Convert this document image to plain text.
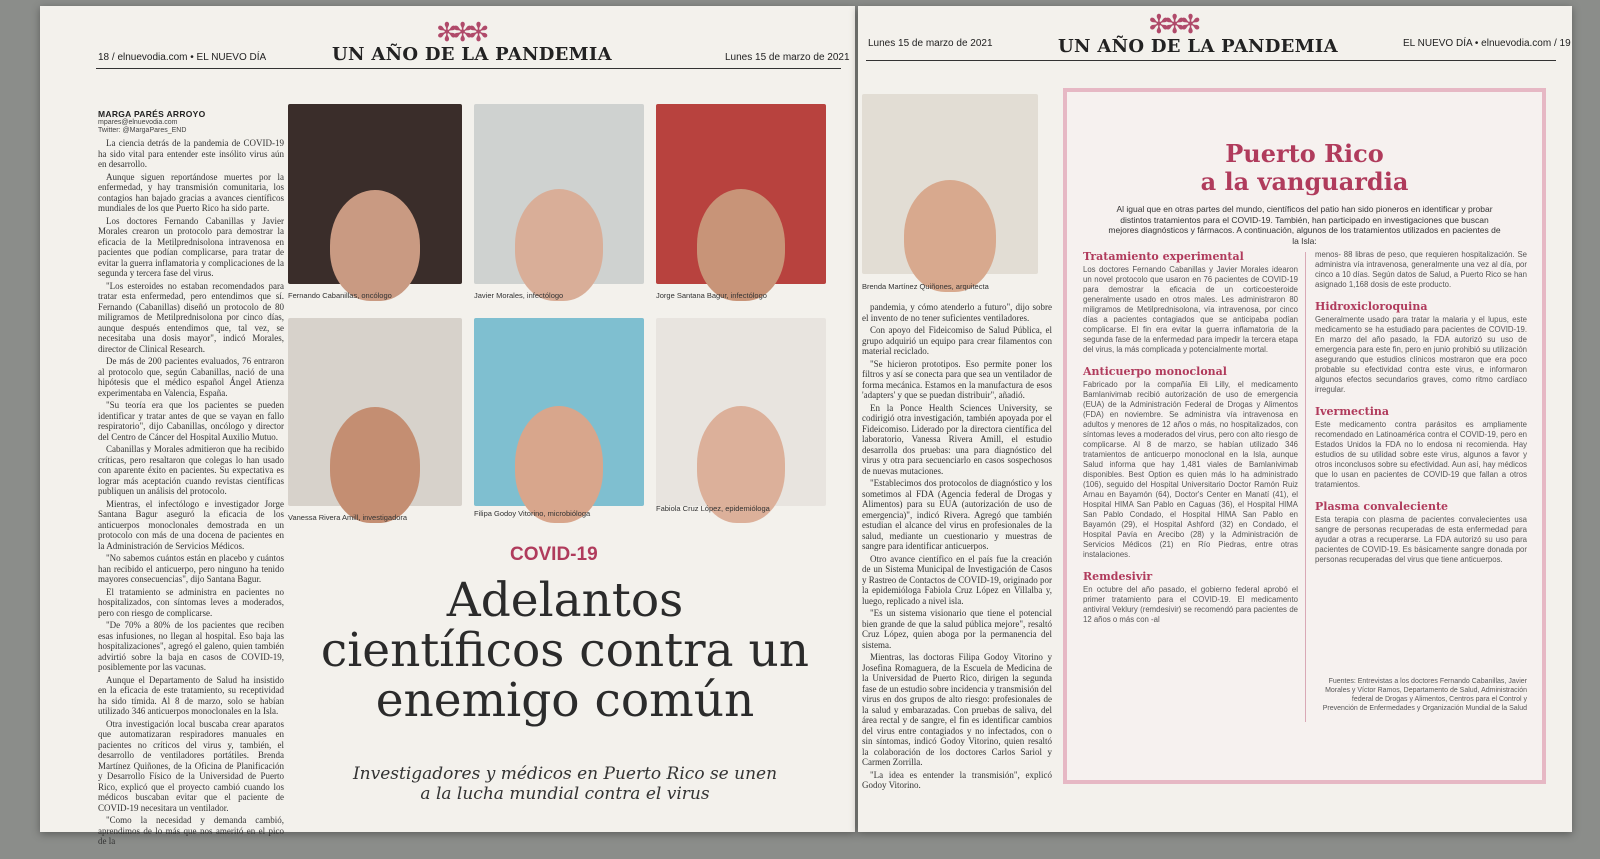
18 / elnuevodia.com • EL NUEVO DÍA
✻✻✻
UN AÑO DE LA PANDEMIA	Lunes 15 de marzo de 2021
MARGA PARÉS ARROYO
mpares@elnuevodia.com
Twitter: @MargaPares_END

La ciencia detrás de la pandemia de COVID-19 ha sido vital para entender este insólito virus aún en desarrollo.

Aunque siguen reportándose muertes por la enfermedad, y hay transmisión comunitaria, los contagios han bajado gracias a avances científicos mundiales de los que Puerto Rico ha sido parte.

Los doctores Fernando Cabanillas y Javier Morales crearon un protocolo para demostrar la eficacia de la Metilprednisolona intravenosa en pacientes que podían complicarse, para tratar de evitar la guerra inflamatoria y complicaciones de la segunda y tercera fase del virus.

"Los esteroides no estaban recomendados para tratar esta enfermedad, pero entendimos que sí. Fernando (Cabanillas) diseñó un protocolo de 80 miligramos de Metilprednisolona por cinco días, aunque después entendimos que, tal vez, se necesitaba una dosis mayor", indicó Morales, director de Clinical Research.

De más de 200 pacientes evaluados, 76 entraron al protocolo que, según Cabanillas, nació de una hipótesis que el médico español Ángel Atienza experimentaba en Valencia, España.

"Su teoría era que los pacientes se pueden identificar y tratar antes de que se vayan en fallo respiratorio", dijo Cabanillas, oncólogo y director del Centro de Cáncer del Hospital Auxilio Mutuo.

Cabanillas y Morales admitieron que ha recibido críticas, pero resaltaron que colegas lo han usado con aparente éxito en pacientes. Su expectativa es lograr más aceptación cuando revistas científicas publiquen un análisis del protocolo.

Mientras, el infectólogo e investigador Jorge Santana Bagur aseguró la eficacia de los anticuerpos monoclonales demostrada en un protocolo con más de una docena de pacientes en la Administración de Servicios Médicos.

"No sabemos cuántos están en placebo y cuántos han recibido el anticuerpo, pero ninguno ha tenido mayores consecuencias", dijo Santana Bagur.

El tratamiento se administra en pacientes no hospitalizados, con síntomas leves a moderados, pero con riesgo de complicarse.

"De 70% a 80% de los pacientes que reciben esas infusiones, no llegan al hospital. Eso baja las hospitalizaciones", agregó el galeno, quien también advirtió sobre la baja en casos de COVID-19, posiblemente por las vacunas.

Aunque el Departamento de Salud ha insistido en la eficacia de este tratamiento, su receptividad ha sido tímida. Al 8 de marzo, solo se habían utilizado 346 anticuerpos monoclonales en la Isla.

Otra investigación local buscaba crear aparatos que automatizaran respiradores manuales en pacientes no críticos del virus y, también, el desarrollo de ventiladores portátiles. Brenda Martínez Quiñones, de la Oficina de Planificación y Desarrollo Físico de la Universidad de Puerto Rico, explicó que el proyecto cambió cuando los médicos buscaban evitar que el paciente de COVID-19 necesitara un ventilador.

"Como la necesidad y demanda cambió, aprendimos de lo más que nos ameritó en el pico de la

Fernando Cabanillas, oncólogo	Javier Morales, infectólogo	Jorge Santana Bagur, infectólogo
Vanessa Rivera Amill, investigadora	Filipa Godoy Vitorino, microbióloga
Fabiola Cruz López, epidemióloga
COVID-19
Adelantos
científicos contra un
enemigo común
Investigadores y médicos en Puerto Rico se unen
a la lucha mundial contra el virus
Lunes 15 de marzo de 2021
✻✻✻
UN AÑO DE LA PANDEMIA	EL NUEVO DÍA • elnuevodia.com / 19
Brenda Martínez Quiñones, arquitecta

pandemia, y cómo atenderlo a futuro", dijo sobre el invento de no tener suficientes ventiladores.

Con apoyo del Fideicomiso de Salud Pública, el grupo adquirió un equipo para crear filamentos con material reciclado.

"Se hicieron prototipos. Eso permite poner los filtros y así se conecta para que sea un ventilador de forma mecánica. Estamos en la manufactura de esos 'adapters' y que se puedan distribuir", añadió.

En la Ponce Health Sciences University, se codirigió otra investigación, también apoyada por el Fideicomiso. Liderado por la directora científica del laboratorio, Vanessa Rivera Amill, el estudio desarrolla dos pruebas: una para diagnóstico del virus y otra para secuenciarlo en casos sospechosos de nuevas mutaciones.

"Establecimos dos protocolos de diagnóstico y los sometimos al FDA (Agencia federal de Drogas y Alimentos) para su EUA (autorización de uso de emergencia)", indicó Rivera. Agregó que también estudian el alcance del virus en profesionales de la salud, mediante un cuestionario y muestras de sangre para identificar anticuerpos.

Otro avance científico en el país fue la creación de un Sistema Municipal de Investigación de Casos y Rastreo de Contactos de COVID-19, originado por la epidemióloga Fabiola Cruz López en Villalba y, luego, replicado a nivel isla.

"Es un sistema visionario que tiene el potencial bien grande de que la salud pública mejore", resaltó Cruz López, quien aboga por la permanencia del sistema.

Mientras, las doctoras Filipa Godoy Vitorino y Josefina Romaguera, de la Escuela de Medicina de la Universidad de Puerto Rico, dirigen la segunda fase de un estudio sobre incidencia y transmisión del virus en dos grupos de alto riesgo: profesionales de la salud y embarazadas. Con pruebas de saliva, del área rectal y de sangre, el fin es identificar cambios del virus entre contagiados y no infectados, con o sin síntomas, indicó Godoy Vitorino, quien resaltó la colaboración de los doctores Carlos Sariol y Carmen Zorrilla.

"La idea es entender la transmisión", explicó Godoy Vitorino.

Puerto Rico
a la vanguardia
Al igual que en otras partes del mundo, científicos del patio han sido pioneros en identificar y probar distintos tratamientos para el COVID-19. También, han participado en investigaciones que buscan mejores diagnósticos y fármacos. A continuación, algunos de los tratamientos utilizados en pacientes de la Isla:
Tratamiento experimental
Los doctores Fernando Cabanillas y Javier Morales idearon un novel protocolo que usaron en 76 pacientes de COVID-19 para demostrar la eficacia de un corticoesteroide generalmente usado en otros males. Les administraron 80 miligramos de Metilprednisolona, vía intravenosa, por cinco días a pacientes contagiados que se anticipaba podían complicarse. El fin era evitar la guerra inflamatoria de la segunda fase de la enfermedad para impedir la tercera etapa del virus, la más complicada y potencialmente mortal.
Anticuerpo monoclonal
Fabricado por la compañía Eli Lilly, el medicamento Bamlanivimab recibió autorización de uso de emergencia (EUA) de la Administración Federal de Drogas y Alimentos (FDA) en noviembre. Se administra vía intravenosa en adultos y menores de 12 años o más, no hospitalizados, con síntomas leves a moderados del virus, pero con alto riesgo de complicarse. Al 8 de marzo, se habían utilizado 346 tratamientos de anticuerpo monoclonal en la Isla, aunque Salud informa que hay 1,481 viales de Bamlanivimab disponibles. Best Option es quien más lo ha administrado (106), seguido del Hospital Universitario Doctor Ramón Ruiz Arnau en Bayamón (64), Doctor's Center en Manatí (41), el Hospital HIMA San Pablo en Caguas (36), el Hospital HIMA San Pablo Condado, el Hospital HIMA San Pablo en Bayamón (29), el Hospital Ashford (32) en Condado, el Hospital Pavía en Arecibo (28) y la Administración de Servicios Médicos (21) en Río Piedras, entre otras instalaciones.
Remdesivir
En octubre del año pasado, el gobierno federal aprobó el primer tratamiento para el COVID-19. El medicamento antiviral Veklury (remdesivir) se recomendó para pacientes de 12 años o más con -al
menos- 88 libras de peso, que requieren hospitalización. Se administra vía intravenosa, generalmente una vez al día, por cinco a 10 días. Según datos de Salud, a Puerto Rico se han asignado 1,168 dosis de este producto.
Hidroxicloroquina
Generalmente usado para tratar la malaria y el lupus, este medicamento se ha estudiado para pacientes de COVID-19. En marzo del año pasado, la FDA autorizó su uso de emergencia para este fin, pero en junio prohibió su utilización asegurando que estudios clínicos mostraron que era poco probable su efectividad contra este virus, e informaron algunos efectos secundarios graves, como ritmo cardíaco irregular.
Ivermectina
Este medicamento contra parásitos es ampliamente recomendado en Latinoamérica contra el COVID-19, pero en Estados Unidos la FDA no lo endosa ni recomienda. Hay estudios de su utilidad sobre este virus, algunos a favor y otros inconclusos sobre su efectividad. Aun así, hay médicos que lo usan en pacientes de COVID-19 que fallan a otros tratamientos.
Plasma convaleciente
Esta terapia con plasma de pacientes convalecientes usa sangre de personas recuperadas de esta enfermedad para ayudar a otras a recuperarse. La FDA autorizó su uso para pacientes de COVID-19. Es básicamente sangre donada por personas recuperadas del virus que tiene anticuerpos.
Fuentes: Entrevistas a los doctores Fernando Cabanillas, Javier Morales y Víctor Ramos, Departamento de Salud, Administración federal de Drogas y Alimentos, Centros para el Control y Prevención de Enfermedades y Organización Mundial de la Salud
